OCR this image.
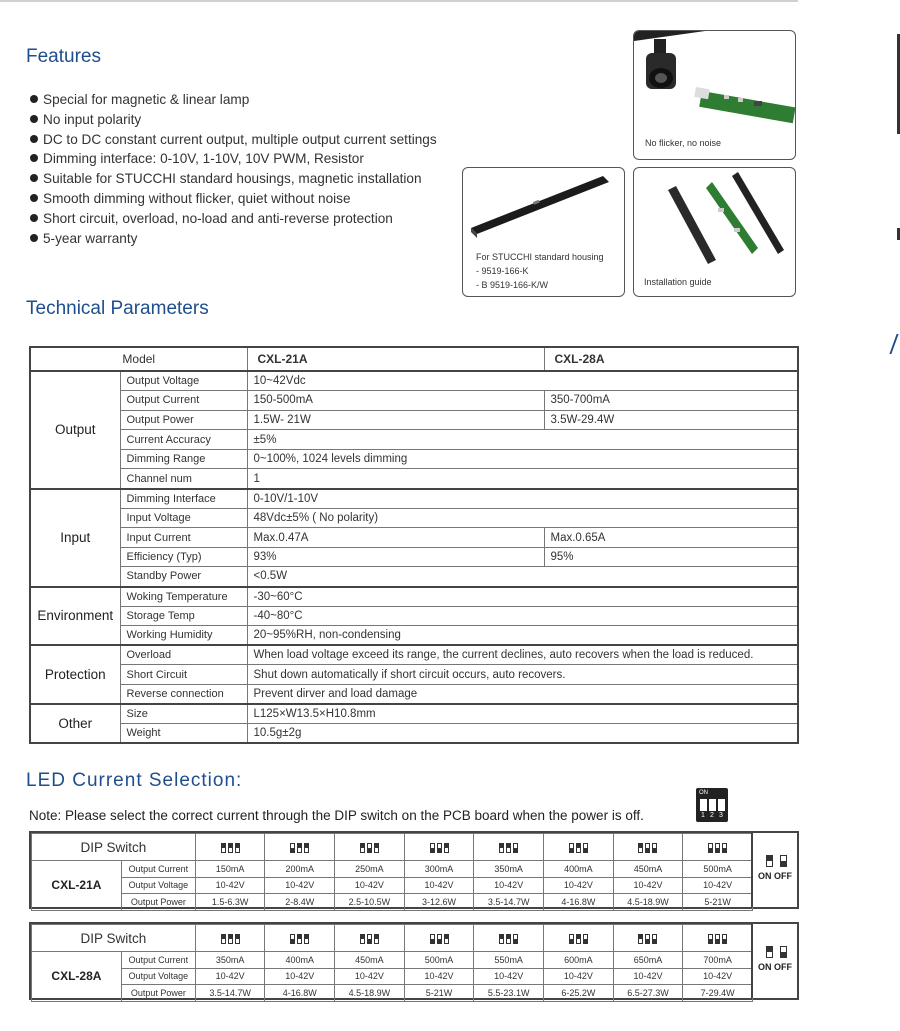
Features
Special for magnetic & linear lamp
No input polarity
DC to DC constant current output, multiple output current settings
Dimming interface: 0-10V, 1-10V, 10V PWM, Resistor
Suitable for STUCCHI standard housings, magnetic installation
Smooth dimming without flicker, quiet without noise
Short circuit, overload, no-load and anti-reverse protection
5-year warranty
No flicker, no noise
For STUCCHI standard housing
- 9519-166-K
- B 9519-166-K/W	Installation guide
Technical Parameters
Model		CXL-21A	CXL-28A
Output	Output Voltage	10~42Vdc	
	Output Current	150-500mA	350-700mA
	Output Power	1.5W- 21W	3.5W-29.4W
	Current Accuracy	±5%	
	Dimming Range	0~100%, 1024 levels dimming	
	Channel num	1	
Input	Dimming Interface	0-10V/1-10V	
	Input Voltage	48Vdc±5% ( No polarity)	
	Input Current	Max.0.47A	Max.0.65A
	Efficiency (Typ)	93%	95%
	Standby Power	<0.5W	
Environment	Woking Temperature	-30~60°C	
	Storage Temp	-40~80°C	
	Working Humidity	20~95%RH, non-condensing	
Protection	Overload	When load voltage exceed its range, the current declines, auto recovers when the load is reduced.	
	Short Circuit	Shut down automatically if short circuit occurs, auto recovers.	
	Reverse connection	Prevent dirver and load damage	
Other	Size	L125×W13.5×H10.8mm	
	Weight	10.5g±2g	
LED Current Selection:
ON
1 2 3
Note: Please select the correct current through the DIP switch on the PCB board when the power is off.
DIP Switch		

CXL-21A	Output Current	150mA	200mA	250mA	300mA	350mA	400mA	450mA	500mA
	Output Voltage	10-42V	10-42V	10-42V	10-42V	10-42V	10-42V	10-42V	10-42V
	Output Power	1.5-6.3W	2-8.4W	2.5-10.5W	3-12.6W	3.5-14.7W	4-16.8W	4.5-18.9W	5-21W
ON OFF
DIP Switch		

CXL-28A	Output Current	350mA	400mA	450mA	500mA	550mA	600mA	650mA	700mA
	Output Voltage	10-42V	10-42V	10-42V	10-42V	10-42V	10-42V	10-42V	10-42V
	Output Power	3.5-14.7W	4-16.8W	4.5-18.9W	5-21W	5.5-23.1W	6-25.2W	6.5-27.3W	7-29.4W
ON OFF
